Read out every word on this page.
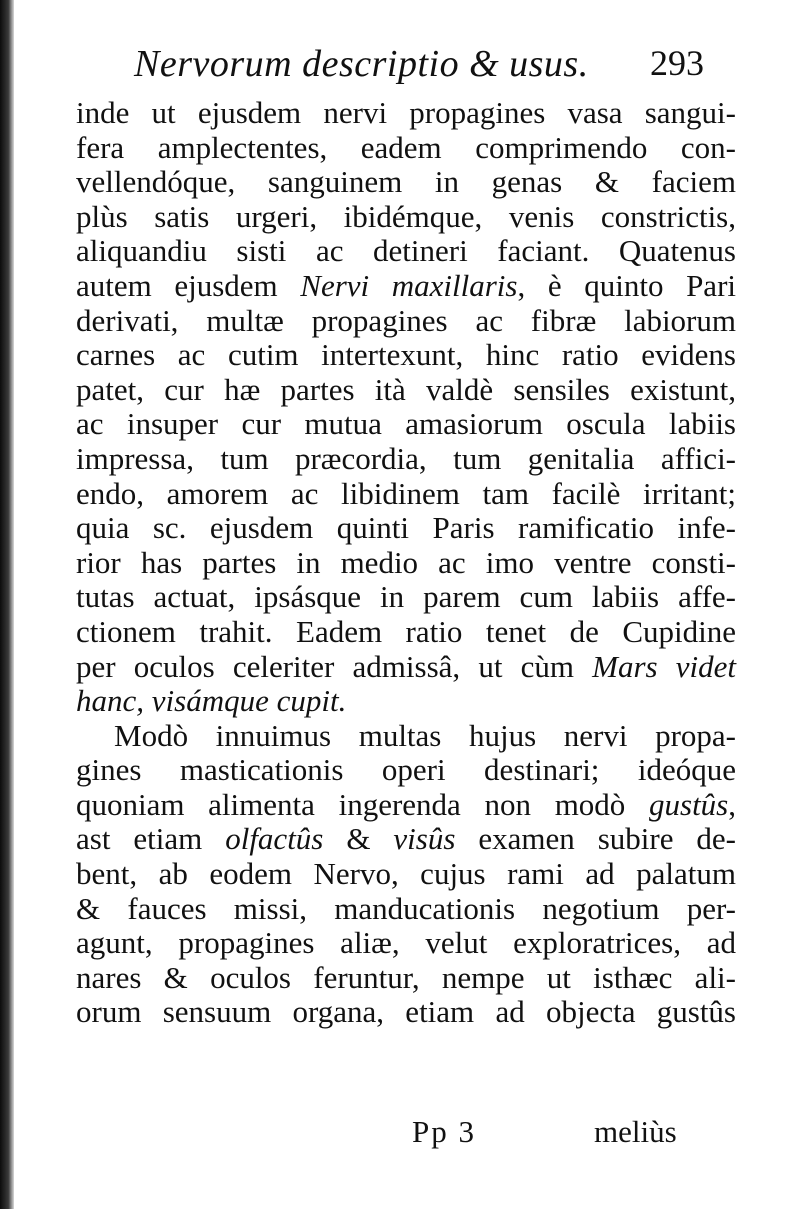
Nervorum descriptio & usus. 293
inde ut ejusdem nervi propagines vasa sangui-
fera amplectentes, eadem comprimendo con-
vellendóque, sanguinem in genas & faciem
plùs satis urgeri, ibidémque, venis constrictis,
aliquandiu sisti ac detineri faciant. Quatenus
autem ejusdem Nervi maxillaris, è quinto Pari
derivati, multæ propagines ac fibræ labiorum
carnes ac cutim intertexunt, hinc ratio evidens
patet, cur hæ partes ità valdè sensiles existunt,
ac insuper cur mutua amasiorum oscula labiis
impressa, tum præcordia, tum genitalia affici-
endo, amorem ac libidinem tam facilè irritant;
quia sc. ejusdem quinti Paris ramificatio infe-
rior has partes in medio ac imo ventre consti-
tutas actuat, ipsásque in parem cum labiis affe-
ctionem trahit. Eadem ratio tenet de Cupidine
per oculos celeriter admissâ, ut cùm Mars videt
hanc, visámque cupit.
Modò innuimus multas hujus nervi propa-
gines masticationis operi destinari; ideóque
quoniam alimenta ingerenda non modò gustûs,
ast etiam olfactûs & visûs examen subire de-
bent, ab eodem Nervo, cujus rami ad palatum
& fauces missi, manducationis negotium per-
agunt, propagines aliæ, velut exploratrices, ad
nares & oculos feruntur, nempe ut isthæc ali-
orum sensuum organa, etiam ad objecta gustûs
Pp 3	meliùs
